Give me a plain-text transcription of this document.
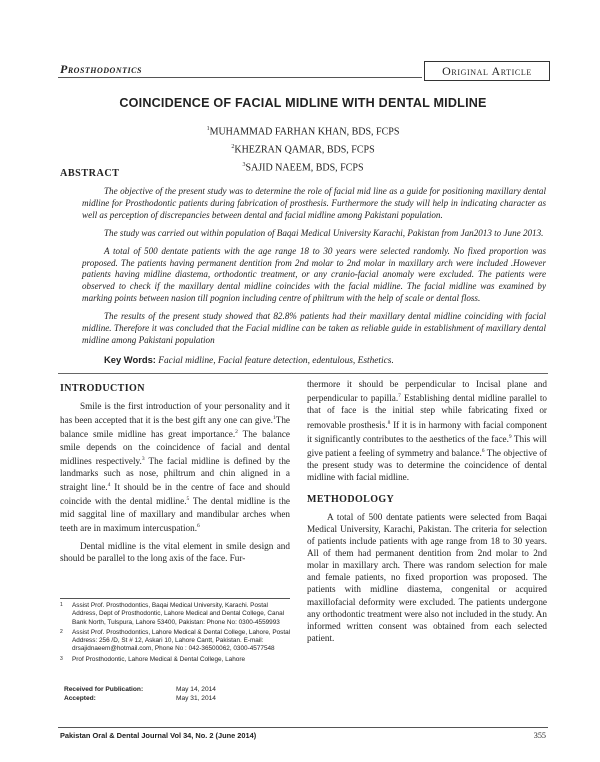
Prosthodontics	Original Article
COINCIDENCE OF FACIAL MIDLINE WITH DENTAL MIDLINE
$^1$MUHAMMAD FARHAN KHAN, BDS, FCPS
$^2$KHEZRAN QAMAR, BDS, FCPS
$^3$SAJID NAEEM, BDS, FCPS
ABSTRACT

The objective of the present study was to determine the role of facial mid line as a guide for positioning maxillary dental midline for Prosthodontic patients during fabrication of prosthesis. Furthermore the study will help in indicating character as well as perception of discrepancies between dental and facial midline among Pakistani population.

The study was carried out within population of Baqai Medical University Karachi, Pakistan from Jan2013 to June 2013.

A total of 500 dentate patients with the age range 18 to 30 years were selected randomly. No fixed proportion was proposed. The patients having permanent dentition from 2nd molar to 2nd molar in maxillary arch were included .However patients having midline diastema, orthodontic treatment, or any cranio-facial anomaly were excluded. The patients were observed to check if the maxillary dental midline coincides with the facial midline. The facial midline was examined by marking points between nasion till pognion including centre of philtrum with the help of scale or dental floss.

The results of the present study showed that 82.8% patients had their maxillary dental midline coinciding with facial midline. Therefore it was concluded that the Facial midline can be taken as reliable guide in establishment of maxillary dental midline among Pakistani population

Key Words: Facial midline, Facial feature detection, edentulous, Esthetics.
INTRODUCTION

Smile is the first introduction of your personality and it has been accepted that it is the best gift any one can give.$^1$The balance smile midline has great importance.$^2$ The balance smile depends on the coincidence of facial and dental midlines respectively.$^3$ The facial midline is defined by the landmarks such as nose, philtrum and chin aligned in a straight line.$^4$ It should be in the centre of face and should coincide with the dental midline.$^5$ The dental midline is the mid saggital line of maxillary and mandibular arches when teeth are in maximum intercuspation.$^6$

Dental midline is the vital element in smile design and should be parallel to the long axis of the face. Fur-

1 Assist Prof. Prosthodontics, Baqai Medical University, Karachi. Postal Address, Dept of Prosthodontic, Lahore Medical and Dental College, Canal Bank North, Tulspura, Lahore 53400, Pakistan: Phone No: 0300-4559993
2 Assist Prof. Prosthodontics, Lahore Medical & Dental College, Lahore, Postal Address: 256 /D, St # 12, Askari 10, Lahore Cantt, Pakistan. E-mail: drsajidnaeem@hotmail.com, Phone No : 042-36500062, 0300-4577548
3 Prof Prosthodontic, Lahore Medical & Dental College, Lahore
Received for Publication:	May 14, 2014
Accepted:	May 31, 2014

thermore it should be perpendicular to Incisal plane and perpendicular to papilla.$^7$ Establishing dental midline parallel to that of face is the initial step while fabricating fixed or removable prosthesis.$^8$ If it is in harmony with facial component it significantly contributes to the aesthetics of the face.$^9$ This will give patient a feeling of symmetry and balance.$^6$ The objective of the present study was to determine the coincidence of dental midline with facial midline.

METHODOLOGY

A total of 500 dentate patients were selected from Baqai Medical University, Karachi, Pakistan. The criteria for selection of patients include patients with age range from 18 to 30 years. All of them had permanent dentition from 2nd molar to 2nd molar in maxillary arch. There was random selection for male and female patients, no fixed proportion was proposed. The patients with midline diastema, congenital or acquired maxillofacial deformity were excluded. The patients undergone any orthodontic treatment were also not included in the study. An informed written consent was obtained from each selected patient.

Pakistan Oral & Dental Journal Vol 34, No. 2 (June 2014)	355
